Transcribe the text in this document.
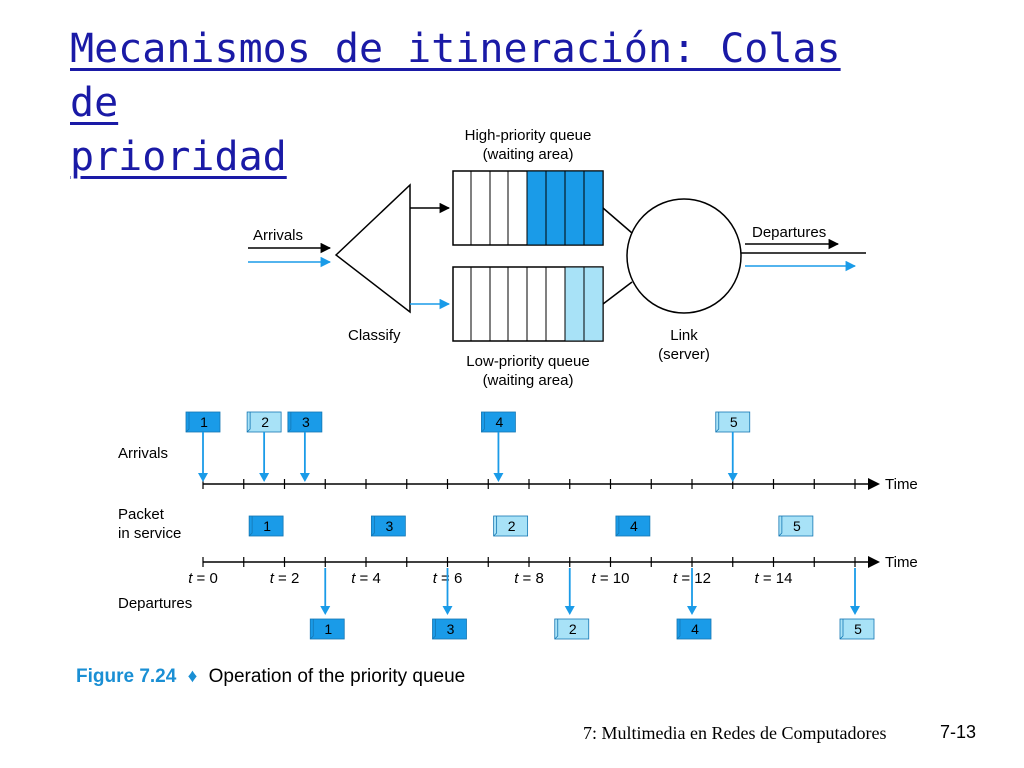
Mecanismos de itineración: Colas de
prioridad	High-priority queue
(waiting area)
Arrivals
Classify
Low-priority queue
(waiting area)
Link
(server)
Departures
Arrivals
Packet
in service
Departures
Time
Time
t = 0	t = 2	t = 4	t = 6	t = 8	t = 10	t = 12	t = 14
1	2 3	4	5
1	3	2	4	5
1	3	2	4	5
Figure 7.24 ♦ Operation of the priority queue
7: Multimedia en Redes de Computadores	7-13
